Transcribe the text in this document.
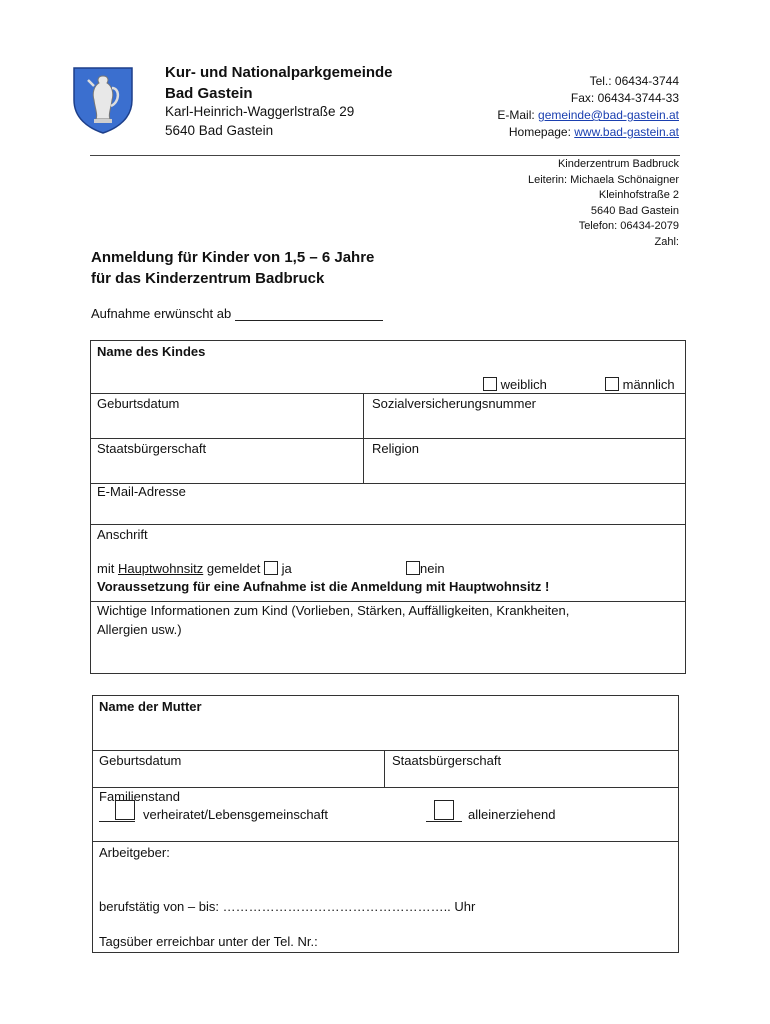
Kur- und Nationalparkgemeinde
Bad Gastein
Karl-Heinrich-Waggerlstraße 29
5640 Bad Gastein
Tel.: 06434-3744
Fax: 06434-3744-33
E-Mail: gemeinde@bad-gastein.at
Homepage: www.bad-gastein.at
Kinderzentrum Badbruck
Leiterin: Michaela Schönaigner
Kleinhofstraße 2
5640 Bad Gastein
Telefon: 06434-2079
Zahl:
Anmeldung für Kinder von 1,5 – 6 Jahre
für das Kinderzentrum Badbruck
Aufnahme erwünscht ab
Name des Kindes
weiblich	männlich
Geburtsdatum	Sozialversicherungsnummer
Staatsbürgerschaft	Religion
E-Mail-Adresse
Anschrift
mit Hauptwohnsitz gemeldet ja	nein
Voraussetzung für eine Aufnahme ist die Anmeldung mit Hauptwohnsitz !
Wichtige Informationen zum Kind (Vorlieben, Stärken, Auffälligkeiten, Krankheiten,
Allergien usw.)
Name der Mutter
Geburtsdatum	Staatsbürgerschaft
Familienstand
verheiratet/Lebensgemeinschaft	alleinerziehend
Arbeitgeber:
berufstätig von – bis: …………………………………………….. Uhr
Tagsüber erreichbar unter der Tel. Nr.:
